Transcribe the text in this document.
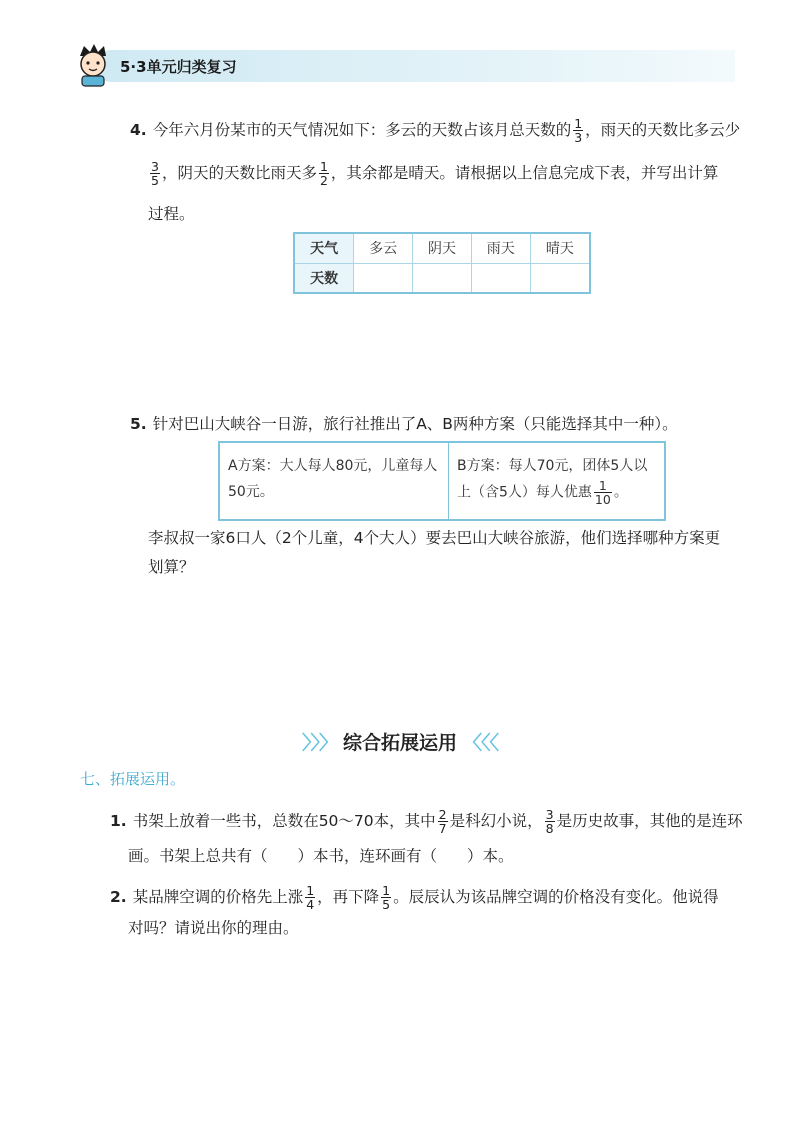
5·3单元归类复习
4. 今年六月份某市的天气情况如下：多云的天数占该月总天数的 $\frac{1}{3}$ ，雨天的天数比多云少
$\frac{3}{5}$ ，阴天的天数比雨天多 $\frac{1}{2}$ ，其余都是晴天。请根据以上信息完成下表，并写出计算
过程。
天气	多云	阴天	雨天	晴天
天数				
5. 针对巴山大峡谷一日游，旅行社推出了A、B两种方案（只能选择其中一种）。
A方案：大人每人80元，儿童每人50元。
B方案：每人70元，团体5人以上（含5人）每人优惠 $\frac{1}{10}$ 。
李叔叔一家6口人（2个儿童，4个大人）要去巴山大峡谷旅游，他们选择哪种方案更
划算？
〉〉〉 综合拓展运用 〈〈〈
七、拓展运用。
1. 书架上放着一些书，总数在50～70本，其中 $\frac{2}{7}$ 是科幻小说， $\frac{3}{8}$ 是历史故事，其他的是连环
画。书架上总共有（ ）本书，连环画有（ ）本。
2. 某品牌空调的价格先上涨 $\frac{1}{4}$ ，再下降 $\frac{1}{5}$ 。辰辰认为该品牌空调的价格没有变化。他说得
对吗？请说出你的理由。
